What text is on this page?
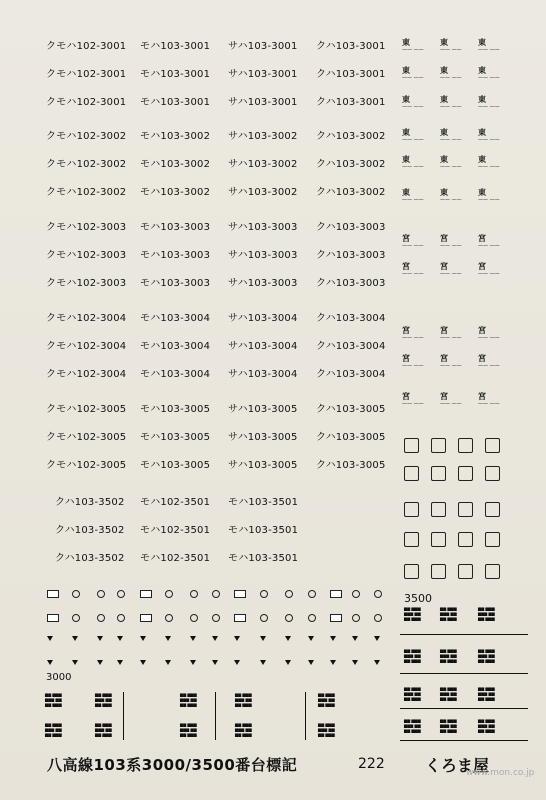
東
—— ——
東
—— ——
東
—— ——
東
—— ——
東
—— ——
東
—— ——
東
—— ——
東
—— ——
東
—— ——
東
—— ——
東
—— ——
東
—— ——
東
—— ——
東
—— ——
東
—— ——
東
—— ——
東
—— ——
東
—— ——
宮
—— ——
宮
—— ——
宮
—— ——
宮
—— ——
宮
—— ——
宮
—— ——
宮
—— ——
宮
—— ——
宮
—— ——
宮
—— ——
宮
—— ——
宮
—— ——
宮
—— ——
宮
—— ——
宮
—— ——
▆▆ ▆▆▆
▆▆▆ ▆▆
▆▆ ▆▆▆
▆▆ ▆▆▆
▆▆▆ ▆▆
▆▆ ▆▆▆
▆▆ ▆▆▆
▆▆▆ ▆▆
▆▆ ▆▆▆
▆▆ ▆▆▆
▆▆▆ ▆▆
▆▆ ▆▆▆
▆▆ ▆▆▆
▆▆▆ ▆▆
▆▆ ▆▆▆
▆▆ ▆▆▆
▆▆▆ ▆▆
▆▆ ▆▆▆
▆▆ ▆▆▆
▆▆▆ ▆▆
▆▆ ▆▆▆
▆▆ ▆▆▆
▆▆▆ ▆▆
▆▆ ▆▆▆
▆▆ ▆▆▆
▆▆▆ ▆▆
▆▆ ▆▆▆
▆▆ ▆▆▆
▆▆▆ ▆▆
▆▆ ▆▆▆
▆▆ ▆▆▆
▆▆▆ ▆▆
▆▆ ▆▆▆
▆▆ ▆▆▆
▆▆▆ ▆▆
▆▆ ▆▆▆
▆▆ ▆▆▆
▆▆▆ ▆▆
▆▆ ▆▆▆
▆▆ ▆▆▆
▆▆▆ ▆▆
▆▆ ▆▆▆
▆▆ ▆▆▆
▆▆▆ ▆▆
▆▆ ▆▆▆
▆▆ ▆▆▆
▆▆▆ ▆▆
▆▆ ▆▆▆
▆▆ ▆▆▆
▆▆▆ ▆▆
▆▆ ▆▆▆
▆▆ ▆▆▆
▆▆▆ ▆▆
▆▆ ▆▆▆
▆▆ ▆▆▆
▆▆▆ ▆▆
▆▆ ▆▆▆
▆▆ ▆▆▆
▆▆▆ ▆▆
▆▆ ▆▆▆
▆▆ ▆▆▆
▆▆▆ ▆▆
▆▆ ▆▆▆
▆▆ ▆▆▆
▆▆▆ ▆▆
▆▆ ▆▆▆
クモハ102-3001 モハ103-3001 サハ103-3001 クハ103-3001
クモハ102-3001 モハ103-3001 サハ103-3001 クハ103-3001
クモハ102-3001 モハ103-3001 サハ103-3001 クハ103-3001
クモハ102-3002 モハ103-3002 サハ103-3002 クハ103-3002
クモハ102-3002 モハ103-3002 サハ103-3002 クハ103-3002
クモハ102-3002 モハ103-3002 サハ103-3002 クハ103-3002
クモハ102-3003 モハ103-3003 サハ103-3003 クハ103-3003
クモハ102-3003 モハ103-3003 サハ103-3003 クハ103-3003
クモハ102-3003 モハ103-3003 サハ103-3003 クハ103-3003
クモハ102-3004 モハ103-3004 サハ103-3004 クハ103-3004
クモハ102-3004 モハ103-3004 サハ103-3004 クハ103-3004
クモハ102-3004 モハ103-3004 サハ103-3004 クハ103-3004
クモハ102-3005 モハ103-3005 サハ103-3005 クハ103-3005
クモハ102-3005 モハ103-3005 サハ103-3005 クハ103-3005
クモハ102-3005 モハ103-3005 サハ103-3005 クハ103-3005
クハ103-3502 モハ102-3501 モハ103-3501
クハ103-3502 モハ102-3501 モハ103-3501
クハ103-3502 モハ102-3501 モハ103-3501
3000
3500
八高線103系3000/3500番台標記	222	くろま屋
www.mon.co.jp
